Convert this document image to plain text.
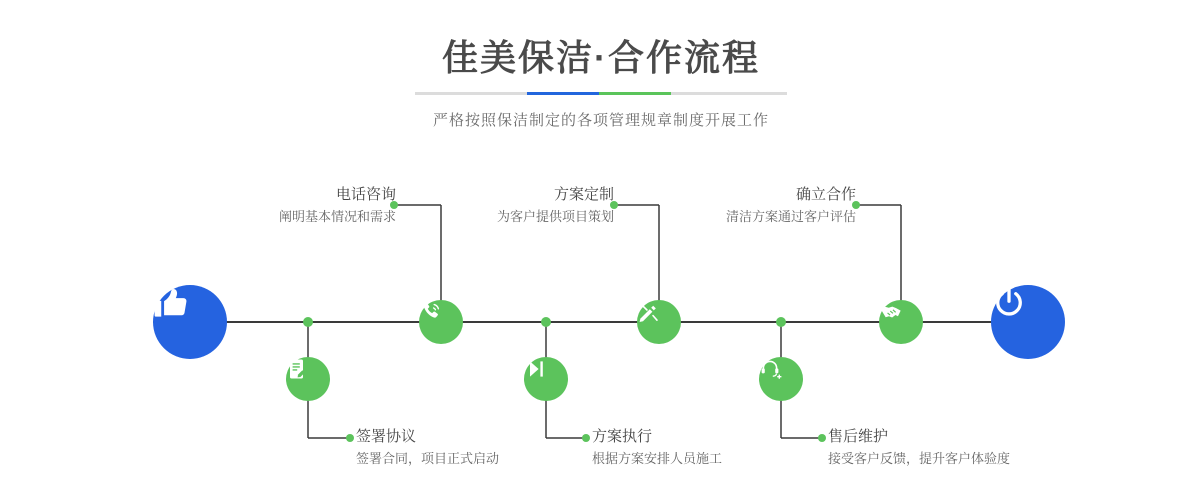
佳美保洁·合作流程
严格按照保洁制定的各项管理规章制度开展工作
电话咨询
阐明基本情况和需求
方案定制
为客户提供项目策划
确立合作
清洁方案通过客户评估
签署协议
签署合同，项目正式启动
方案执行
根据方案安排人员施工
售后维护
接受客户反馈，提升客户体验度
